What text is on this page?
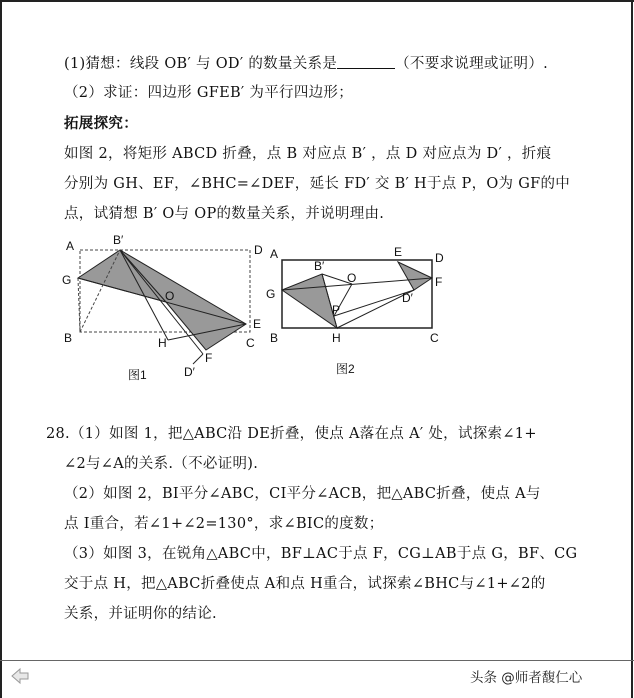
(1)猜想：线段 OB′ 与 OD′ 的数量关系是	（不要求说理或证明）.
（2）求证：四边形 GFEB′ 为平行四边形；
拓展探究：
如图 2，将矩形 ABCD 折叠，点 B 对应点 B′ ，点 D 对应点为 D′ ，折痕
分别为 GH、EF，∠BHC=∠DEF，延长 FD′ 交 B′ H于点 P，O为 GF的中
点，试猜想 B′ O与 OP的数量关系，并说明理由.
A	B′
D
G
O
E
B	H	C
F
D′
图1
A
B′
O
E	D
G
P
D′
F
B	H	C
图2
28.（1）如图 1，把△ABC沿 DE折叠，使点 A落在点 A′ 处，试探索∠1+
∠2与∠A的关系.（不必证明).
（2）如图 2，BI平分∠ABC，CI平分∠ACB，把△ABC折叠，使点 A与
点 I重合，若∠1+∠2=130°，求∠BIC的度数；
（3）如图 3，在锐角△ABC中，BF⊥AC于点 F，CG⊥AB于点 G，BF、CG
交于点 H，把△ABC折叠使点 A和点 H重合，试探索∠BHC与∠1+∠2的
关系，并证明你的结论.
头条 @师者馥仁心
